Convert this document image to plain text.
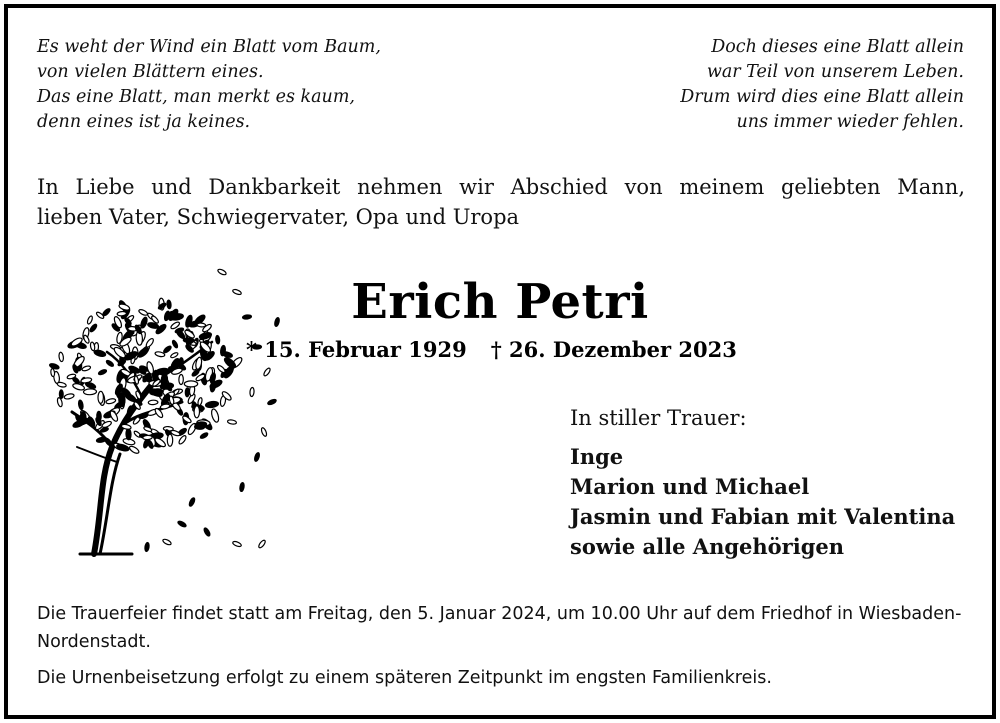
Es weht der Wind ein Blatt vom Baum,
von vielen Blättern eines.
Das eine Blatt, man merkt es kaum,
denn eines ist ja keines.
Doch dieses eine Blatt allein
war Teil von unserem Leben.
Drum wird dies eine Blatt allein
uns immer wieder fehlen.
In Liebe und Dankbarkeit nehmen wir Abschied von meinem geliebten Mann,
lieben Vater, Schwiegervater, Opa und Uropa
Erich Petri
* 15. Februar 1929 † 26. Dezember 2023
In stiller Trauer:
Inge
Marion und Michael
Jasmin und Fabian mit Valentina
sowie alle Angehörigen

Die Trauerfeier findet statt am Freitag, den 5. Januar 2024, um 10.00 Uhr auf dem Friedhof in Wiesbaden-Nordenstadt.

Die Urnenbeisetzung erfolgt zu einem späteren Zeitpunkt im engsten Familienkreis.
